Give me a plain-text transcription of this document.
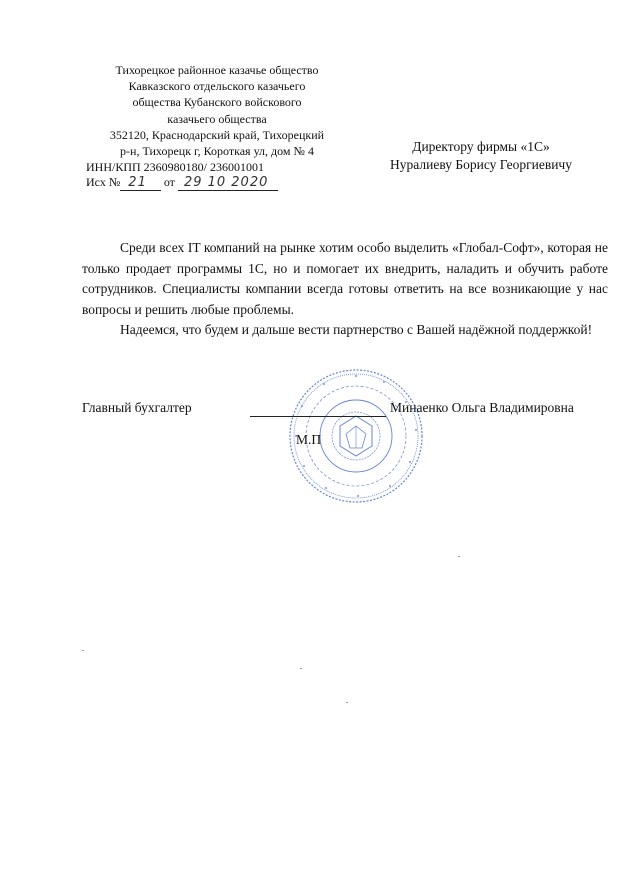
Тихорецкое районное казачье общество
Кавказского отдельского казачьего
общества Кубанского войскового
казачьего общества
352120, Краснодарский край, Тихорецкий
р-н, Тихорецк г, Короткая ул, дом № 4
ИНН/КПП 2360980180/ 236001001
Исх № 21 от 29 10 2020
Директору фирмы «1С»
Нуралиеву Борису Георгиевичу

Среди всех IT компаний на рынке хотим особо выделить «Глобал-Софт», которая не только продает программы 1С, но и помогает их внедрить, наладить и обучить работе сотрудников. Специалисты компании всегда готовы ответить на все возникающие у нас вопросы и решить любые проблемы.

Надеемся, что будем и дальше вести партнерство с Вашей надёжной поддержкой!

Главный бухгалтер	Минаенко Ольга Владимировна
М.П
